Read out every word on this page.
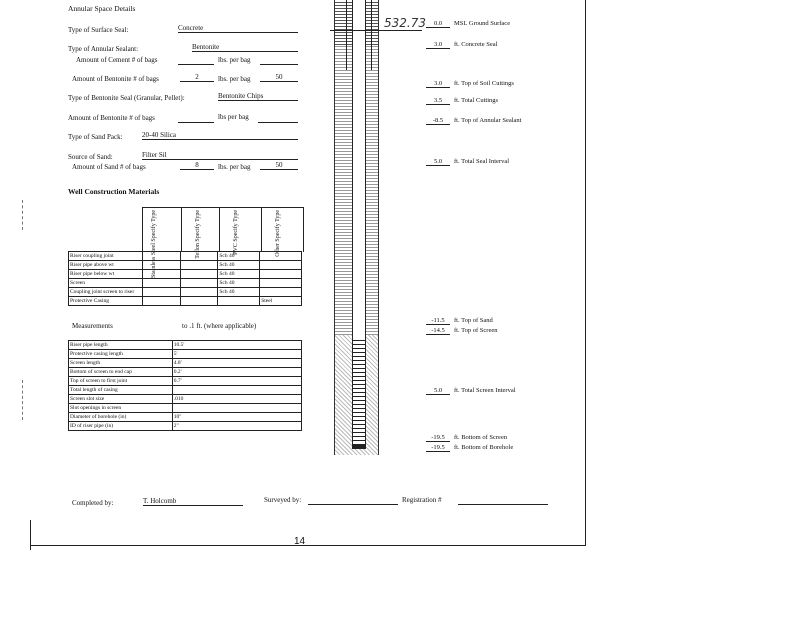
Annular Space Details
Type of Surface Seal:	Concrete
Type of Annular Sealant:	Bentonite
Amount of Cement # of bags	lbs. per bag
Amount of Bentonite # of bags	2	lbs. per bag	50
Type of Bentonite Seal (Granular, Pellet):	Bentonite Chips
Amount of Bentonite # of bags	lbs per bag
Type of Sand Pack:	20-40 Silica
Source of Sand:	Filter Sil
Amount of Sand # of bags	8	lbs. per bag	50
Well Construction Materials
Stainless Steel Specify Type	Teflon Specify Type	PVC Specify Type	Other Specify Type
Riser coupling joint			Sch 40	
Riser pipe above wt			Sch 40	
Riser pipe below wt			Sch 40	
Screen			Sch 40	
Coupling joint screen to riser			Sch 40	
Protective Casing				Steel
Measurements	to .1 ft. (where applicable)
Riser pipe length	10.5'
Protective casing length	5'
Screen length	4.8'
Bottom of screen to end cap	0.2'
Top of screen to first joint	0.7'
Total length of casing	
Screen slot size	.010
Slot openings in screen	
Diameter of borehole (in)	10"
ID of riser pipe (in)	2"
532.73	0.0	MSL Ground Surface
3.0	ft. Concrete Seal
3.0	ft. Top of Soil Cuttings
3.5	ft. Total Cuttings
-8.5	ft. Top of Annular Sealant
5.0	ft. Total Seal Interval
-11.5	ft. Top of Sand
-14.5	ft. Top of Screen
5.0	ft. Total Screen Interval
-19.5	ft. Bottom of Screen
-19.5	ft. Bottom of Borehole
Completed by:	T. Holcomb	Surveyed by:	Registration #
14
